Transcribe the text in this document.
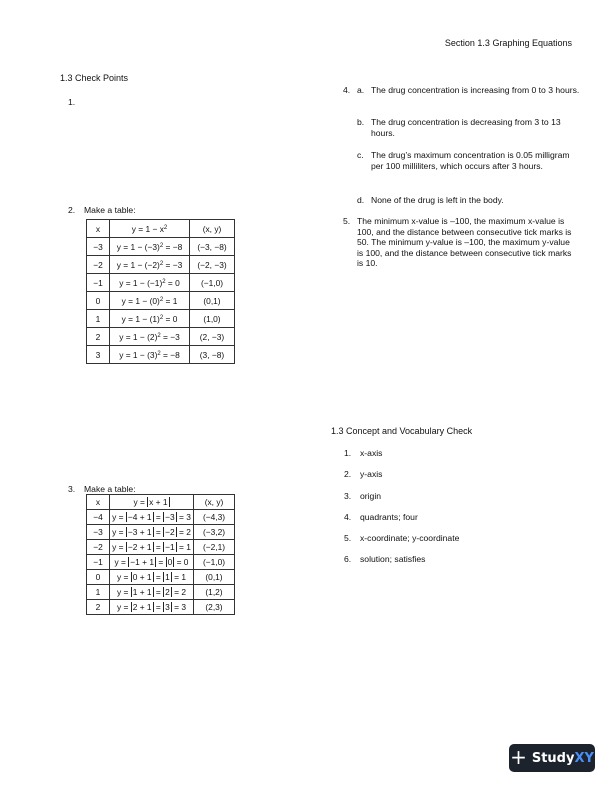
Section 1.3 Graphing Equations
1.3 Check Points
1.
2. Make a table:
x	$y = 1 - x^2$	(x, y)
−3	$y = 1 - (-3)^2 = -8$	(−3, −8)
−2	$y = 1 - (-2)^2 = -3$	(−2, −3)
−1	$y = 1 - (-1)^2 = 0$	(−1,0)
0	$y = 1 - (0)^2 = 1$	(0,1)
1	$y = 1 - (1)^2 = 0$	(1,0)
2	$y = 1 - (2)^2 = -3$	(2, −3)
3	$y = 1 - (3)^2 = -8$	(3, −8)
3. Make a table:
x	y = x + 1	(x, y)
−4	y = −4 + 1 = −3 = 3	(−4,3)
−3	y = −3 + 1 = −2 = 2	(−3,2)
−2	y = −2 + 1 = −1 = 1	(−2,1)
−1	y = −1 + 1 = 0 = 0	(−1,0)
0	y = 0 + 1 = 1 = 1	(0,1)
1	y = 1 + 1 = 2 = 2	(1,2)
2	y = 2 + 1 = 3 = 3	(2,3)
4. a. The drug concentration is increasing from 0 to 3 hours.
b. The drug concentration is decreasing from 3 to 13 hours.
c. The drug’s maximum concentration is 0.05 milligram per 100 milliliters, which occurs after 3 hours.
d. None of the drug is left in the body.
5. The minimum x-value is –100, the maximum x-value is 100, and the distance between consecutive tick marks is 50. The minimum y-value is –100, the maximum y-value is 100, and the distance between consecutive tick marks is 10.
1.3 Concept and Vocabulary Check
1. x-axis
2. y-axis
3. origin
4. quadrants; four
5. x-coordinate; y-coordinate
6. solution; satisfies
+ StudyXY
